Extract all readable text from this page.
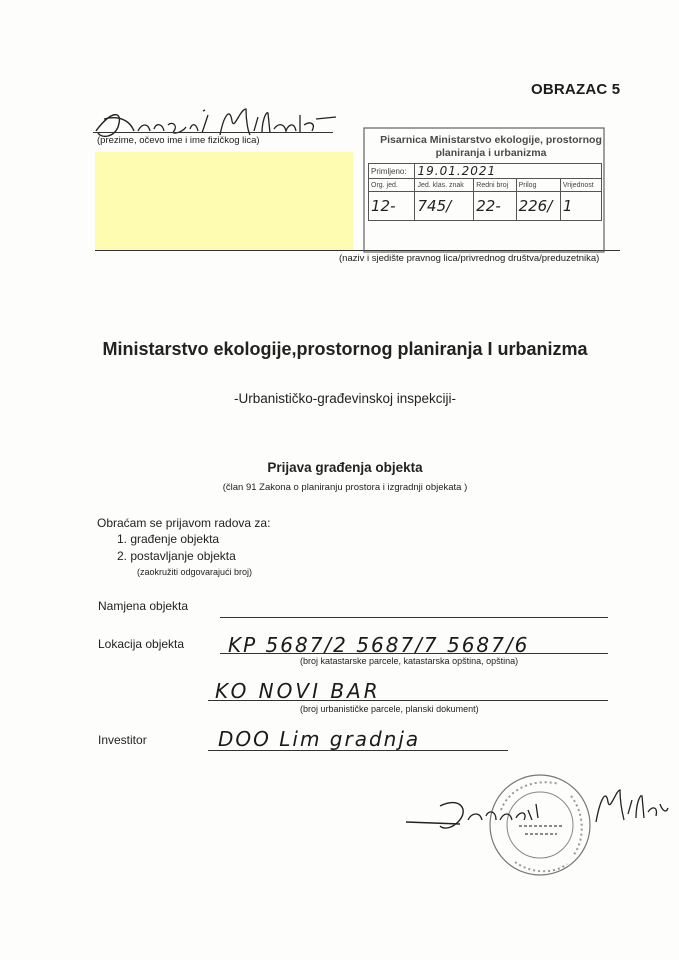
OBRAZAC 5
(prezime, očevo ime i ime fizičkog lica)
(naziv i sjedište pravnog lica/privrednog društva/preduzetnika)
Pisarnica Ministarstvo ekologije, prostornog planiranja i urbanizma
Primljeno:	19.01.2021			
Org. jed.	Jed. klas. znak	Redni broj	Prilog	Vrijednost
12-	745/	22-	226/	1
Ministarstvo ekologije,prostornog planiranja I urbanizma
-Urbanističko-građevinskoj inspekciji-
Prijava građenja objekta
(član 91 Zakona o planiranju prostora i izgradnji objekata )
Obraćam se prijavom radova za:
1. građenje objekta
2. postavljanje objekta
(zaokružiti odgovarajući broj)
Namjena objekta
Lokacija objekta KP 5687/2 5687/7 5687/6
(broj katastarske parcele, katastarska opština, opština)
KO NOVI BAR
(broj urbanističke parcele, planski dokument)
Investitor	DOO Lim gradnja
